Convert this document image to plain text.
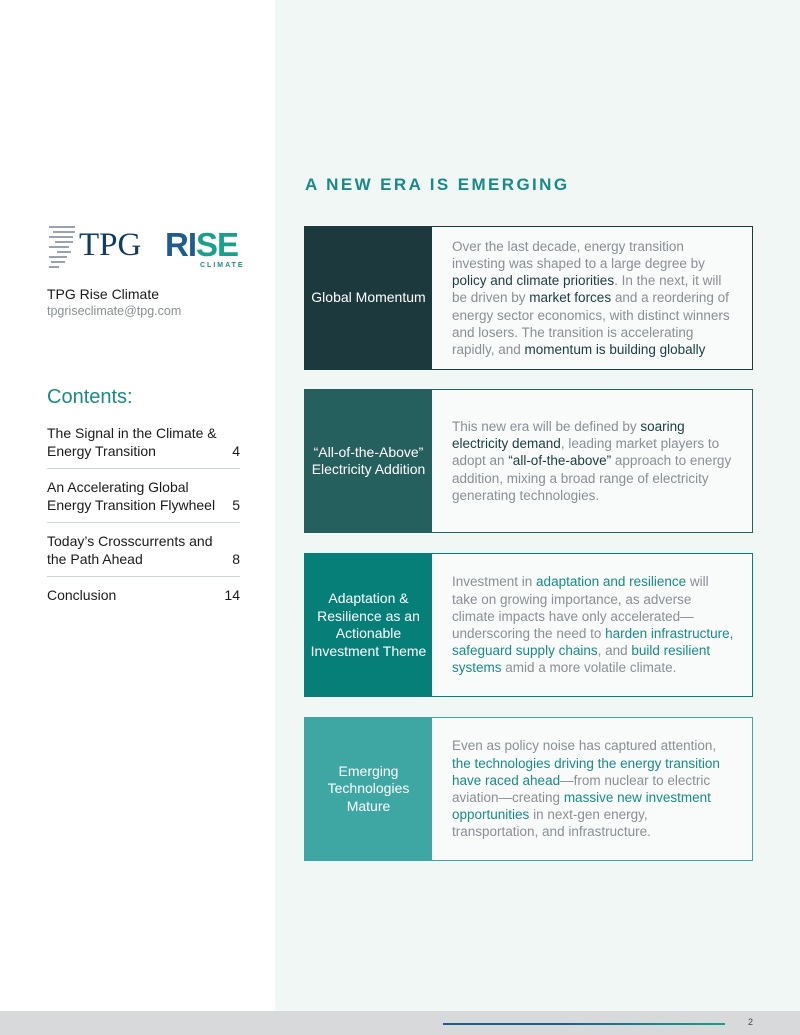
TPG RISE
CLIMATE
TPG Rise Climate
tpgriseclimate@tpg.com
Contents:
The Signal in the Climate & Energy Transition	4
An Accelerating Global Energy Transition Flywheel	5
Today’s Crosscurrents and the Path Ahead	8
Conclusion	14
A NEW ERA IS EMERGING
Global Momentum

Over the last decade, energy transition investing was shaped to a large degree by policy and climate priorities. In the next, it will be driven by market forces and a reordering of energy sector economics, with distinct winners and losers. The transition is accelerating rapidly, and momentum is building globally

“All-of-the-Above” Electricity Addition

This new era will be defined by soaring electricity demand, leading market players to adopt an “all-of-the-above” approach to energy addition, mixing a broad range of electricity generating technologies.

Adaptation & Resilience as an Actionable Investment Theme

Investment in adaptation and resilience will take on growing importance, as adverse climate impacts have only accelerated—underscoring the need to harden infrastructure, safeguard supply chains, and build resilient systems amid a more volatile climate.

Emerging Technologies Mature

Even as policy noise has captured attention, the technologies driving the energy transition have raced ahead—from nuclear to electric aviation—creating massive new investment opportunities in next-gen energy, transportation, and infrastructure.

2
